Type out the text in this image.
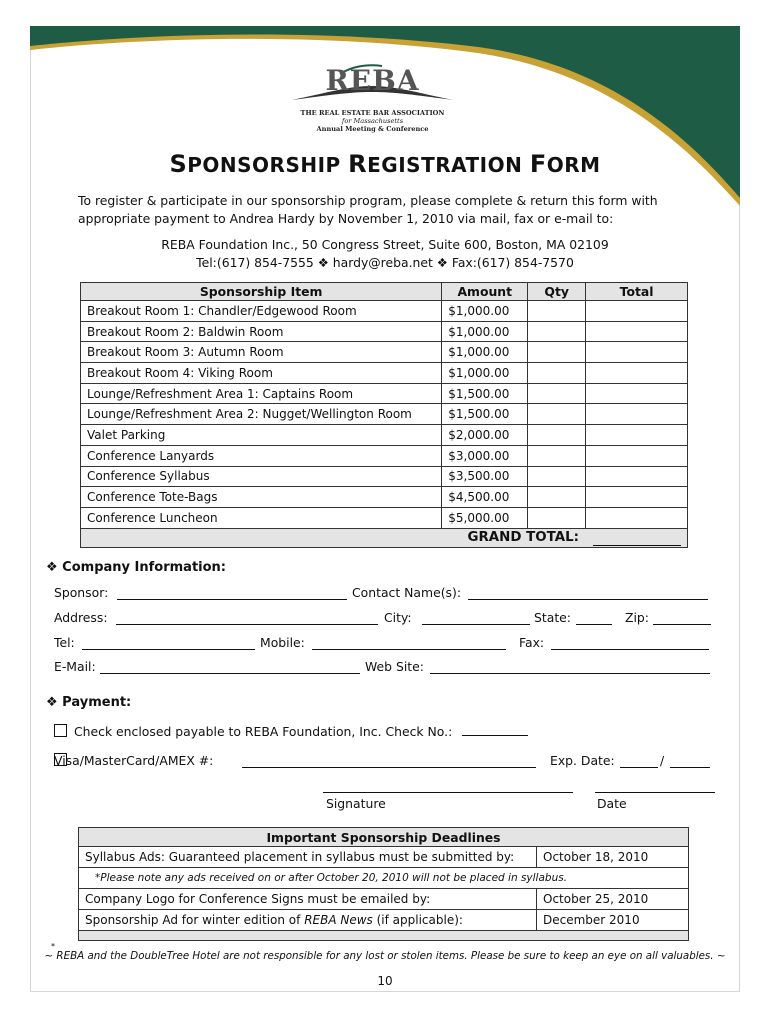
REBA
THE REAL ESTATE BAR ASSOCIATION
for Massachusetts
Annual Meeting & Conference
SPONSORSHIP REGISTRATION FORM
To register & participate in our sponsorship program, please complete & return this form with appropriate payment to Andrea Hardy by November 1, 2010 via mail, fax or e-mail to:
REBA Foundation Inc., 50 Congress Street, Suite 600, Boston, MA 02109
Tel:(617) 854-7555 ❖ hardy@reba.net ❖ Fax:(617) 854-7570
Sponsorship Item	Amount	Qty	Total
Breakout Room 1: Chandler/Edgewood Room	$1,000.00		
Breakout Room 2: Baldwin Room	$1,000.00		
Breakout Room 3: Autumn Room	$1,000.00		
Breakout Room 4: Viking Room	$1,000.00		
Lounge/Refreshment Area 1: Captains Room	$1,500.00		
Lounge/Refreshment Area 2: Nugget/Wellington Room	$1,500.00		
Valet Parking	$2,000.00		
Conference Lanyards	$3,000.00		
Conference Syllabus	$3,500.00		
Conference Tote-Bags	$4,500.00		
Conference Luncheon	$5,000.00		
GRAND TOTAL:			
❖ Company Information:
Sponsor:	Contact Name(s):
Address:	City:	State:	Zip:
Tel:	Mobile:	Fax:
E-Mail:	Web Site:
❖ Payment:
Check enclosed payable to REBA Foundation, Inc. Check No.:
Visa/MasterCard/AMEX #:	Exp. Date:	/
Signature	Date
Important Sponsorship Deadlines	
Syllabus Ads: Guaranteed placement in syllabus must be submitted by:	October 18, 2010
*Please note any ads received on or after October 20, 2010 will not be placed in syllabus.	
Company Logo for Conference Signs must be emailed by:	October 25, 2010
Sponsorship Ad for winter edition of REBA News (if applicable):	December 2010

*
~ REBA and the DoubleTree Hotel are not responsible for any lost or stolen items. Please be sure to keep an eye on all valuables. ~
10
